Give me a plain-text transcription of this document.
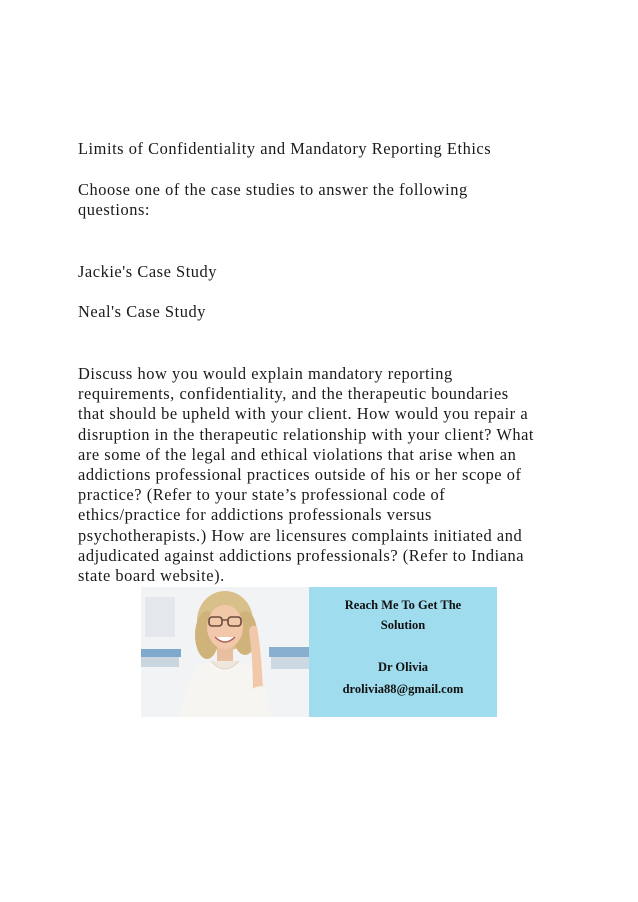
Limits of Confidentiality and Mandatory Reporting Ethics

Choose one of the case studies to answer the following
questions:

Jackie's Case Study

Neal's Case Study

Discuss how you would explain mandatory reporting
requirements, confidentiality, and the therapeutic boundaries
that should be upheld with your client. How would you repair a
disruption in the therapeutic relationship with your client? What
are some of the legal and ethical violations that arise when an
addictions professional practices outside of his or her scope of
practice? (Refer to your state’s professional code of
ethics/practice for addictions professionals versus
psychotherapists.) How are licensures complaints initiated and
adjudicated against addictions professionals? (Refer to Indiana
state board website).
Reach Me To Get The
Solution
Dr Olivia
drolivia88@gmail.com
